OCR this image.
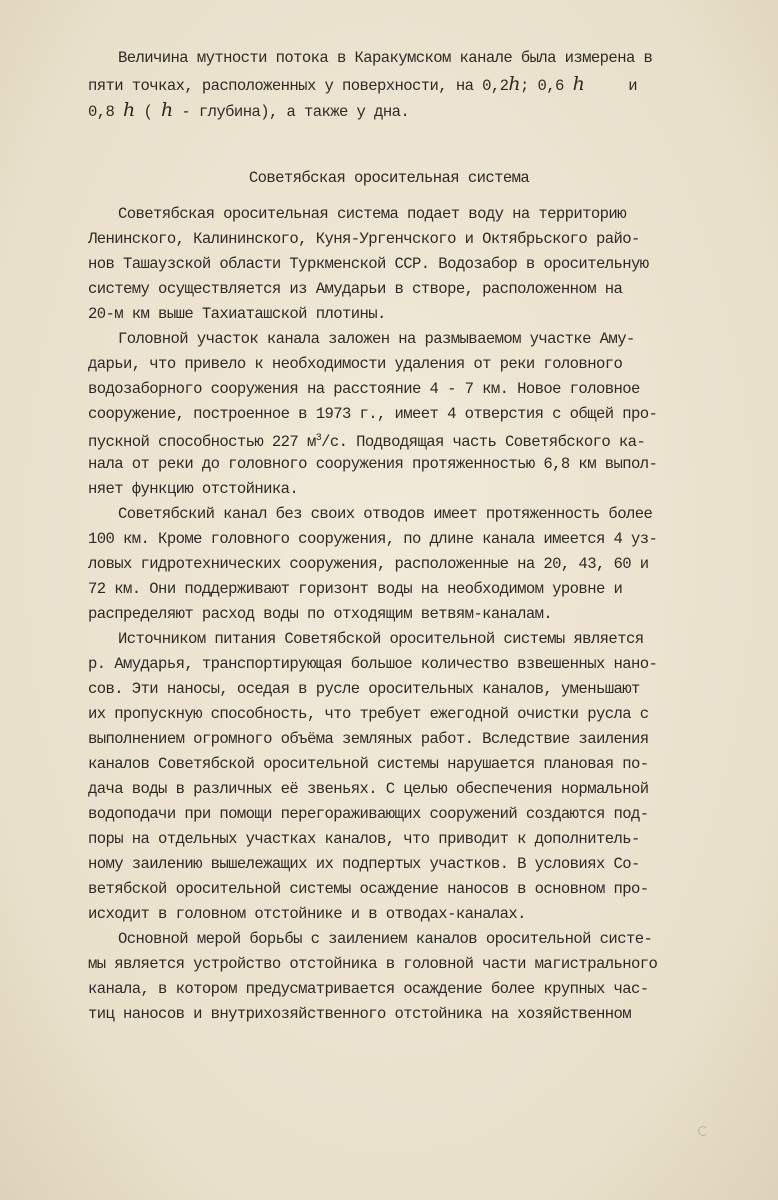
Величина мутности потока в Каракумском канале была измерена в
пяти точках, расположенных у поверхности, на 0,2h; 0,6 h	и
0,8 h ( h - глубина), а также у дна.
Советябская оросительная система
Советябская оросительная система подает воду на территорию
Ленинского, Калининского, Куня-Ургенчского и Октябрьского райо-
нов Ташаузской области Туркменской ССР. Водозабор в оросительную
систему осуществляется из Амударьи в створе, расположенном на
20-м км выше Тахиаташской плотины.
Головной участок канала заложен на размываемом участке Аму-
дарьи, что привело к необходимости удаления от реки головного
водозаборного сооружения на расстояние 4 - 7 км. Новое головное
сооружение, построенное в 1973 г., имеет 4 отверстия с общей про-
пускной способностью 227 $м^3/с$. Подводящая часть Советябского ка-
нала от реки до головного сооружения протяженностью 6,8 км выпол-
няет функцию отстойника.
Советябский канал без своих отводов имеет протяженность более
100 км. Кроме головного сооружения, по длине канала имеется 4 уз-
ловых гидротехнических сооружения, расположенные на 20, 43, 60 и
72 км. Они поддерживают горизонт воды на необходимом уровне и
распределяют расход воды по отходящим ветвям-каналам.
Источником питания Советябской оросительной системы является
р. Амударья, транспортирующая большое количество взвешенных нано-
сов. Эти наносы, оседая в русле оросительных каналов, уменьшают
их пропускную способность, что требует ежегодной очистки русла с
выполнением огромного объёма земляных работ. Вследствие заиления
каналов Советябской оросительной системы нарушается плановая по-
дача воды в различных её звеньях. С целью обеспечения нормальной
водоподачи при помощи перегораживающих сооружений создаются под-
поры на отдельных участках каналов, что приводит к дополнитель-
ному заилению вышележащих их подпертых участков. В условиях Со-
ветябской оросительной системы осаждение наносов в основном про-
исходит в головном отстойнике и в отводах-каналах.
Основной мерой борьбы с заилением каналов оросительной систе-
мы является устройство отстойника в головной части магистрального
канала, в котором предусматривается осаждение более крупных час-
тиц наносов и внутрихозяйственного отстойника на хозяйственном
